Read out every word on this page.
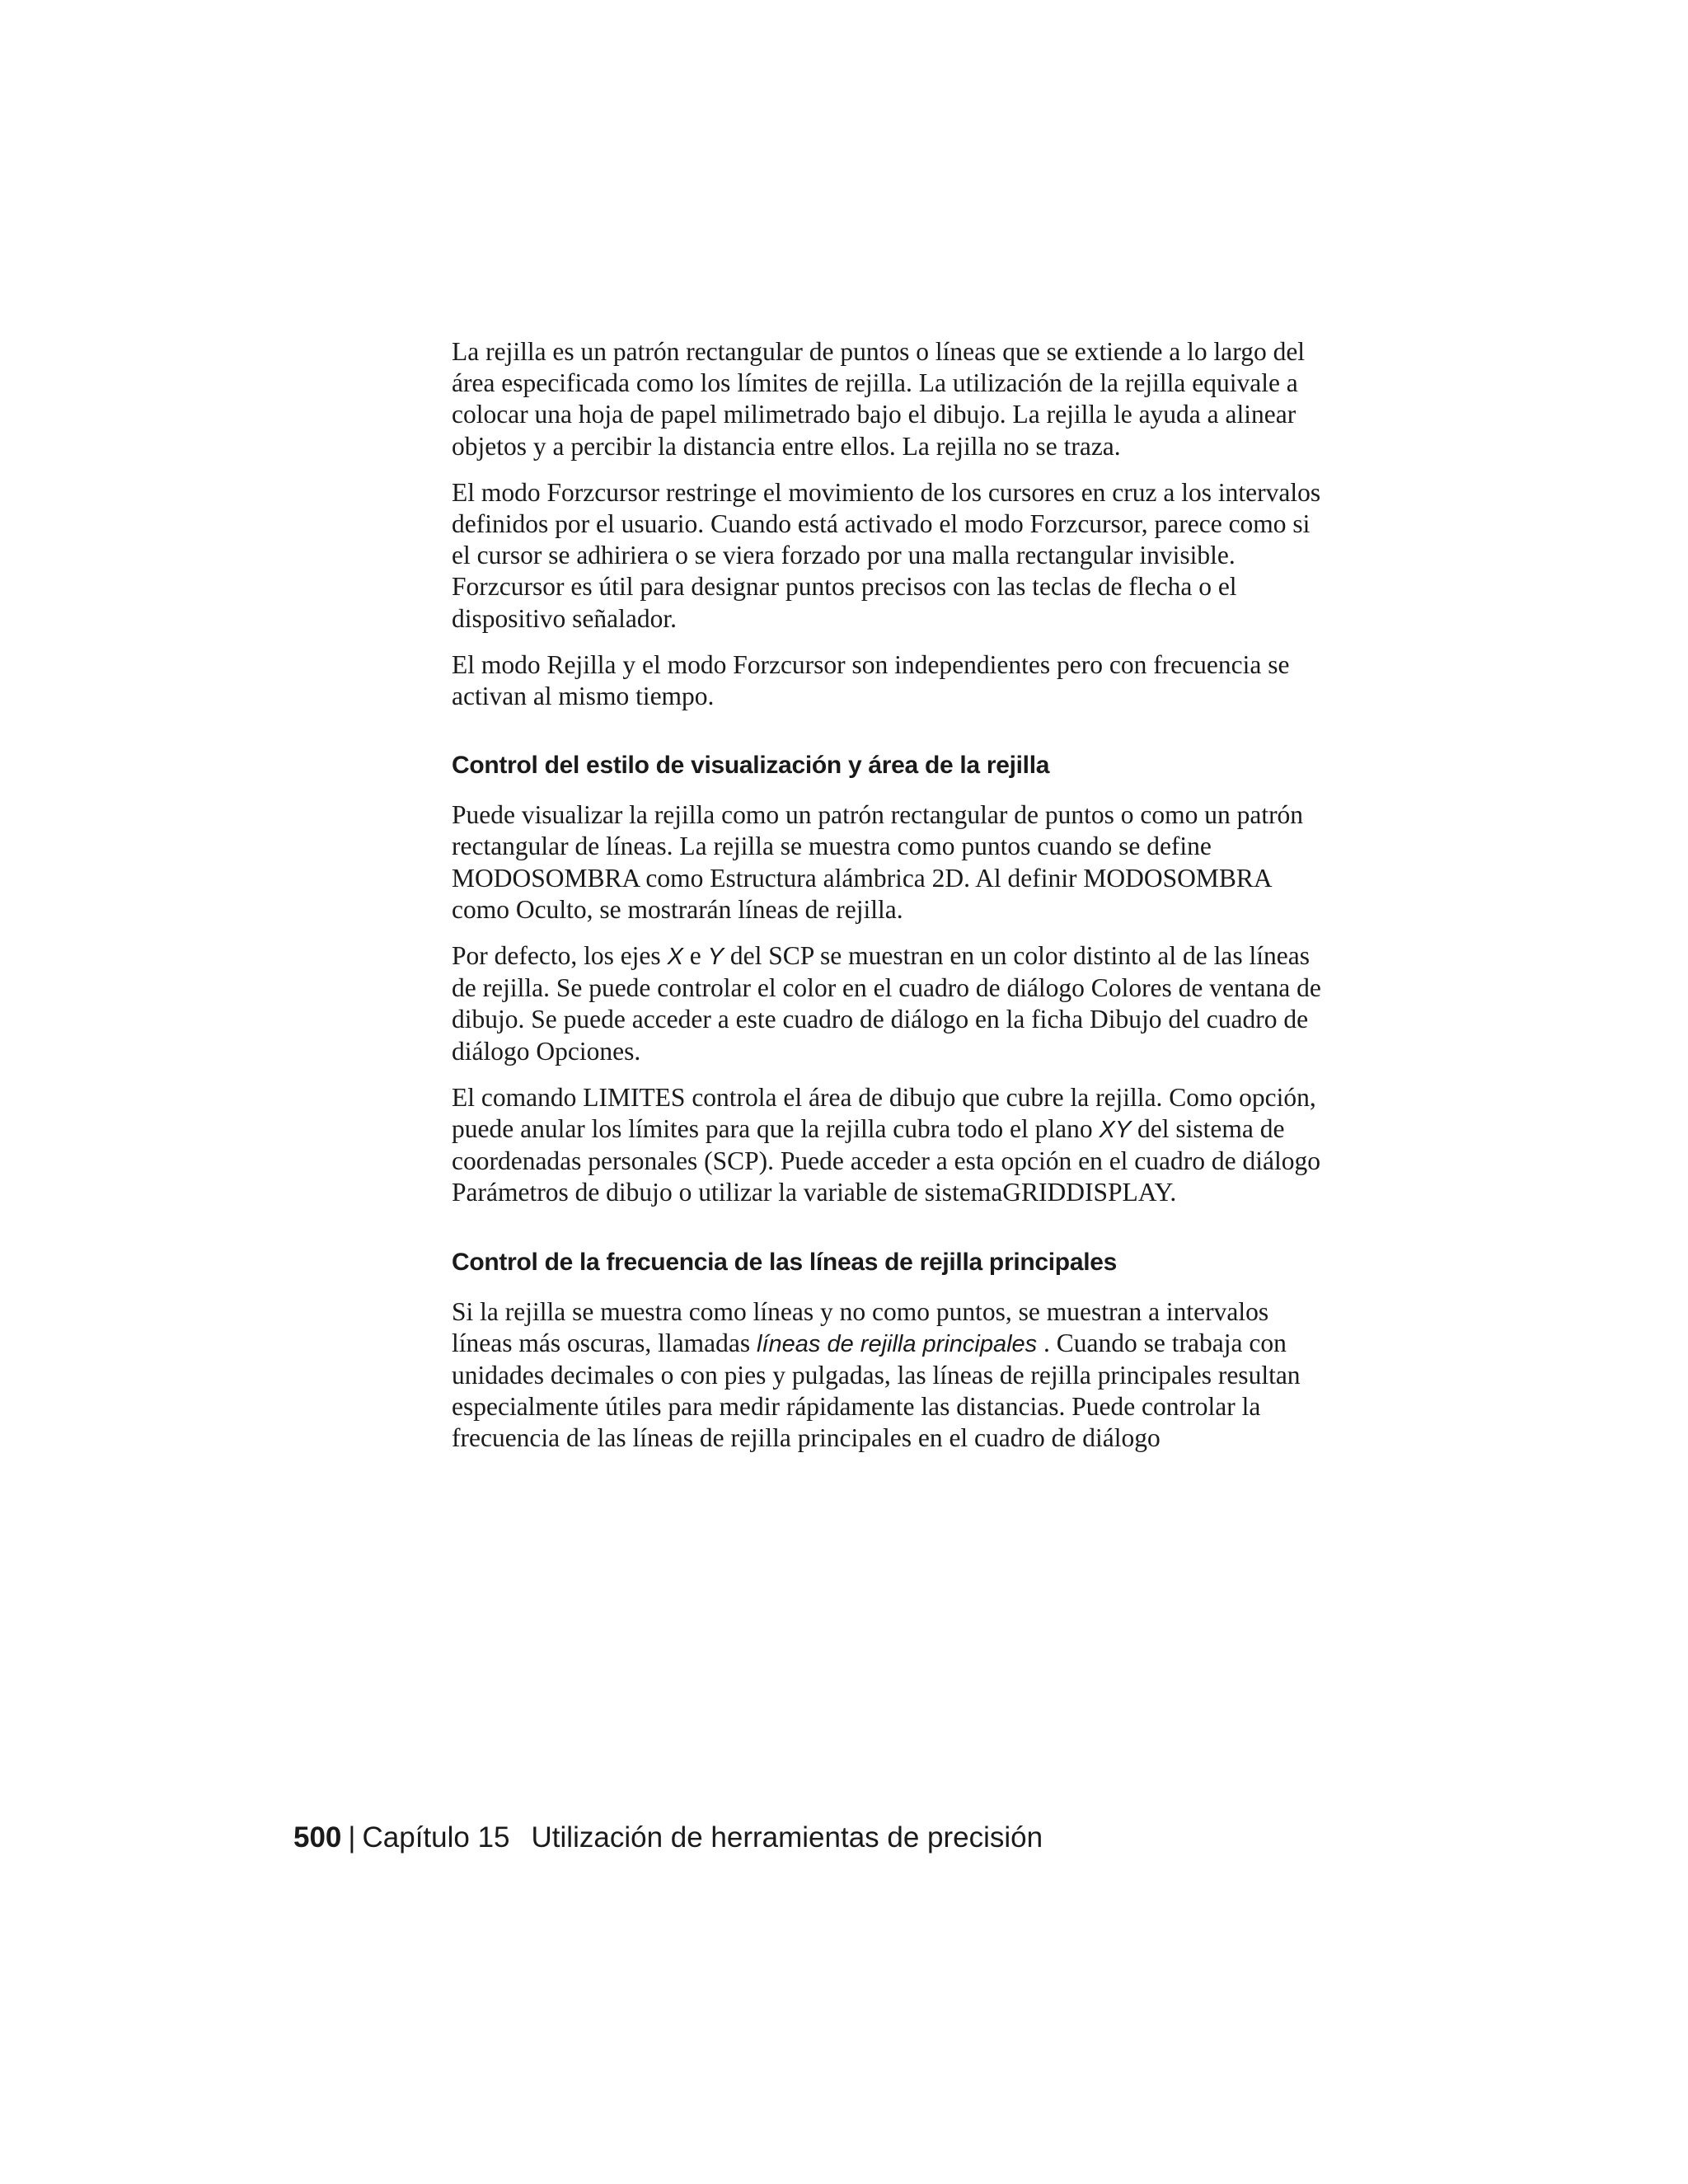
La rejilla es un patrón rectangular de puntos o líneas que se extiende a lo largo del área especificada como los límites de rejilla. La utilización de la rejilla equivale a colocar una hoja de papel milimetrado bajo el dibujo. La rejilla le ayuda a alinear objetos y a percibir la distancia entre ellos. La rejilla no se traza.

El modo Forzcursor restringe el movimiento de los cursores en cruz a los intervalos definidos por el usuario. Cuando está activado el modo Forzcursor, parece como si el cursor se adhiriera o se viera forzado por una malla rectangular invisible. Forzcursor es útil para designar puntos precisos con las teclas de flecha o el dispositivo señalador.

El modo Rejilla y el modo Forzcursor son independientes pero con frecuencia se activan al mismo tiempo.

Control del estilo de visualización y área de la rejilla

Puede visualizar la rejilla como un patrón rectangular de puntos o como un patrón rectangular de líneas. La rejilla se muestra como puntos cuando se define MODOSOMBRA como Estructura alámbrica 2D. Al definir MODOSOMBRA como Oculto, se mostrarán líneas de rejilla.

Por defecto, los ejes X e Y del SCP se muestran en un color distinto al de las líneas de rejilla. Se puede controlar el color en el cuadro de diálogo Colores de ventana de dibujo. Se puede acceder a este cuadro de diálogo en la ficha Dibujo del cuadro de diálogo Opciones.

El comando LIMITES controla el área de dibujo que cubre la rejilla. Como opción, puede anular los límites para que la rejilla cubra todo el plano XY del sistema de coordenadas personales (SCP). Puede acceder a esta opción en el cuadro de diálogo Parámetros de dibujo o utilizar la variable de sistemaGRIDDISPLAY.

Control de la frecuencia de las líneas de rejilla principales

Si la rejilla se muestra como líneas y no como puntos, se muestran a intervalos líneas más oscuras, llamadas líneas de rejilla principales . Cuando se trabaja con unidades decimales o con pies y pulgadas, las líneas de rejilla principales resultan especialmente útiles para medir rápidamente las distancias. Puede controlar la frecuencia de las líneas de rejilla principales en el cuadro de diálogo

500 | Capítulo 15 Utilización de herramientas de precisión
